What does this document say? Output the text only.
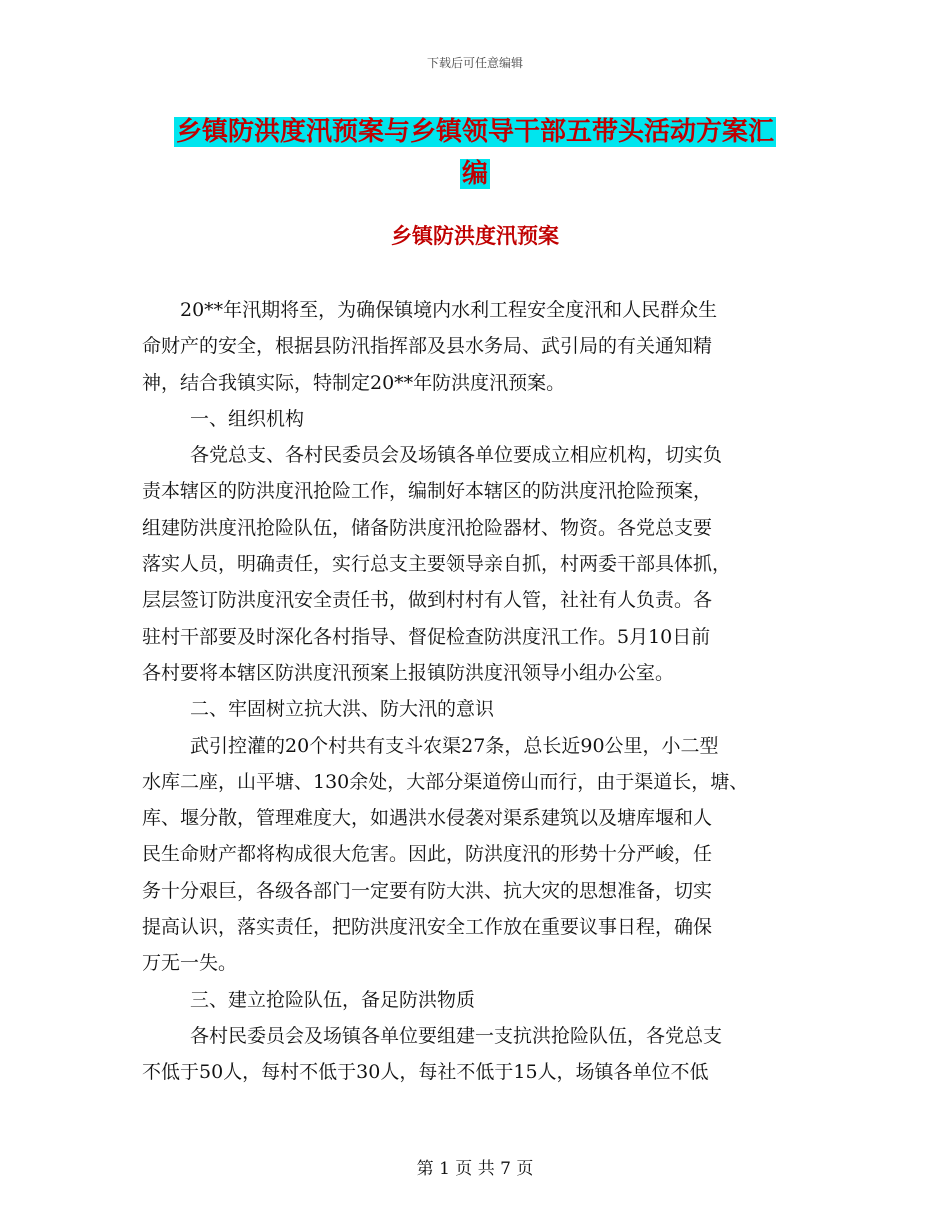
下载后可任意编辑
乡镇防洪度汛预案与乡镇领导干部五带头活动方案汇
编
乡镇防洪度汛预案

20**年汛期将至，为确保镇境内水利工程安全度汛和人民群众生

命财产的安全，根据县防汛指挥部及县水务局、武引局的有关通知精

神，结合我镇实际，特制定20**年防洪度汛预案。

一、组织机构

各党总支、各村民委员会及场镇各单位要成立相应机构，切实负

责本辖区的防洪度汛抢险工作，编制好本辖区的防洪度汛抢险预案，

组建防洪度汛抢险队伍，储备防洪度汛抢险器材、物资。各党总支要

落实人员，明确责任，实行总支主要领导亲自抓，村两委干部具体抓，

层层签订防洪度汛安全责任书，做到村村有人管，社社有人负责。各

驻村干部要及时深化各村指导、督促检查防洪度汛工作。5月10日前

各村要将本辖区防洪度汛预案上报镇防洪度汛领导小组办公室。

二、牢固树立抗大洪、防大汛的意识

武引控灌的20个村共有支斗农渠27条，总长近90公里，小二型

水库二座，山平塘、130余处，大部分渠道傍山而行，由于渠道长，塘、

库、堰分散，管理难度大，如遇洪水侵袭对渠系建筑以及塘库堰和人

民生命财产都将构成很大危害。因此，防洪度汛的形势十分严峻，任

务十分艰巨，各级各部门一定要有防大洪、抗大灾的思想准备，切实

提高认识，落实责任，把防洪度汛安全工作放在重要议事日程，确保

万无一失。

三、建立抢险队伍，备足防洪物质

各村民委员会及场镇各单位要组建一支抗洪抢险队伍，各党总支

不低于50人，每村不低于30人，每社不低于15人，场镇各单位不低

第 1 页 共 7 页
